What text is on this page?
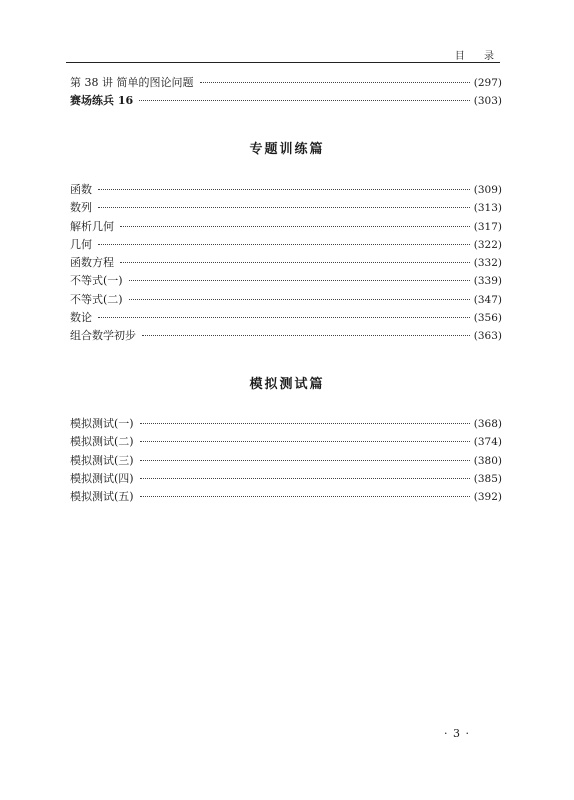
目 录
第 38 讲 简单的图论问题	(297)
赛场练兵 16	(303)
专题训练篇
函数	(309)
数列	(313)
解析几何	(317)
几何	(322)
函数方程	(332)
不等式(一)	(339)
不等式(二)	(347)
数论	(356)
组合数学初步	(363)
模拟测试篇
模拟测试(一)	(368)
模拟测试(二)	(374)
模拟测试(三)	(380)
模拟测试(四)	(385)
模拟测试(五)	(392)
· 3 ·
